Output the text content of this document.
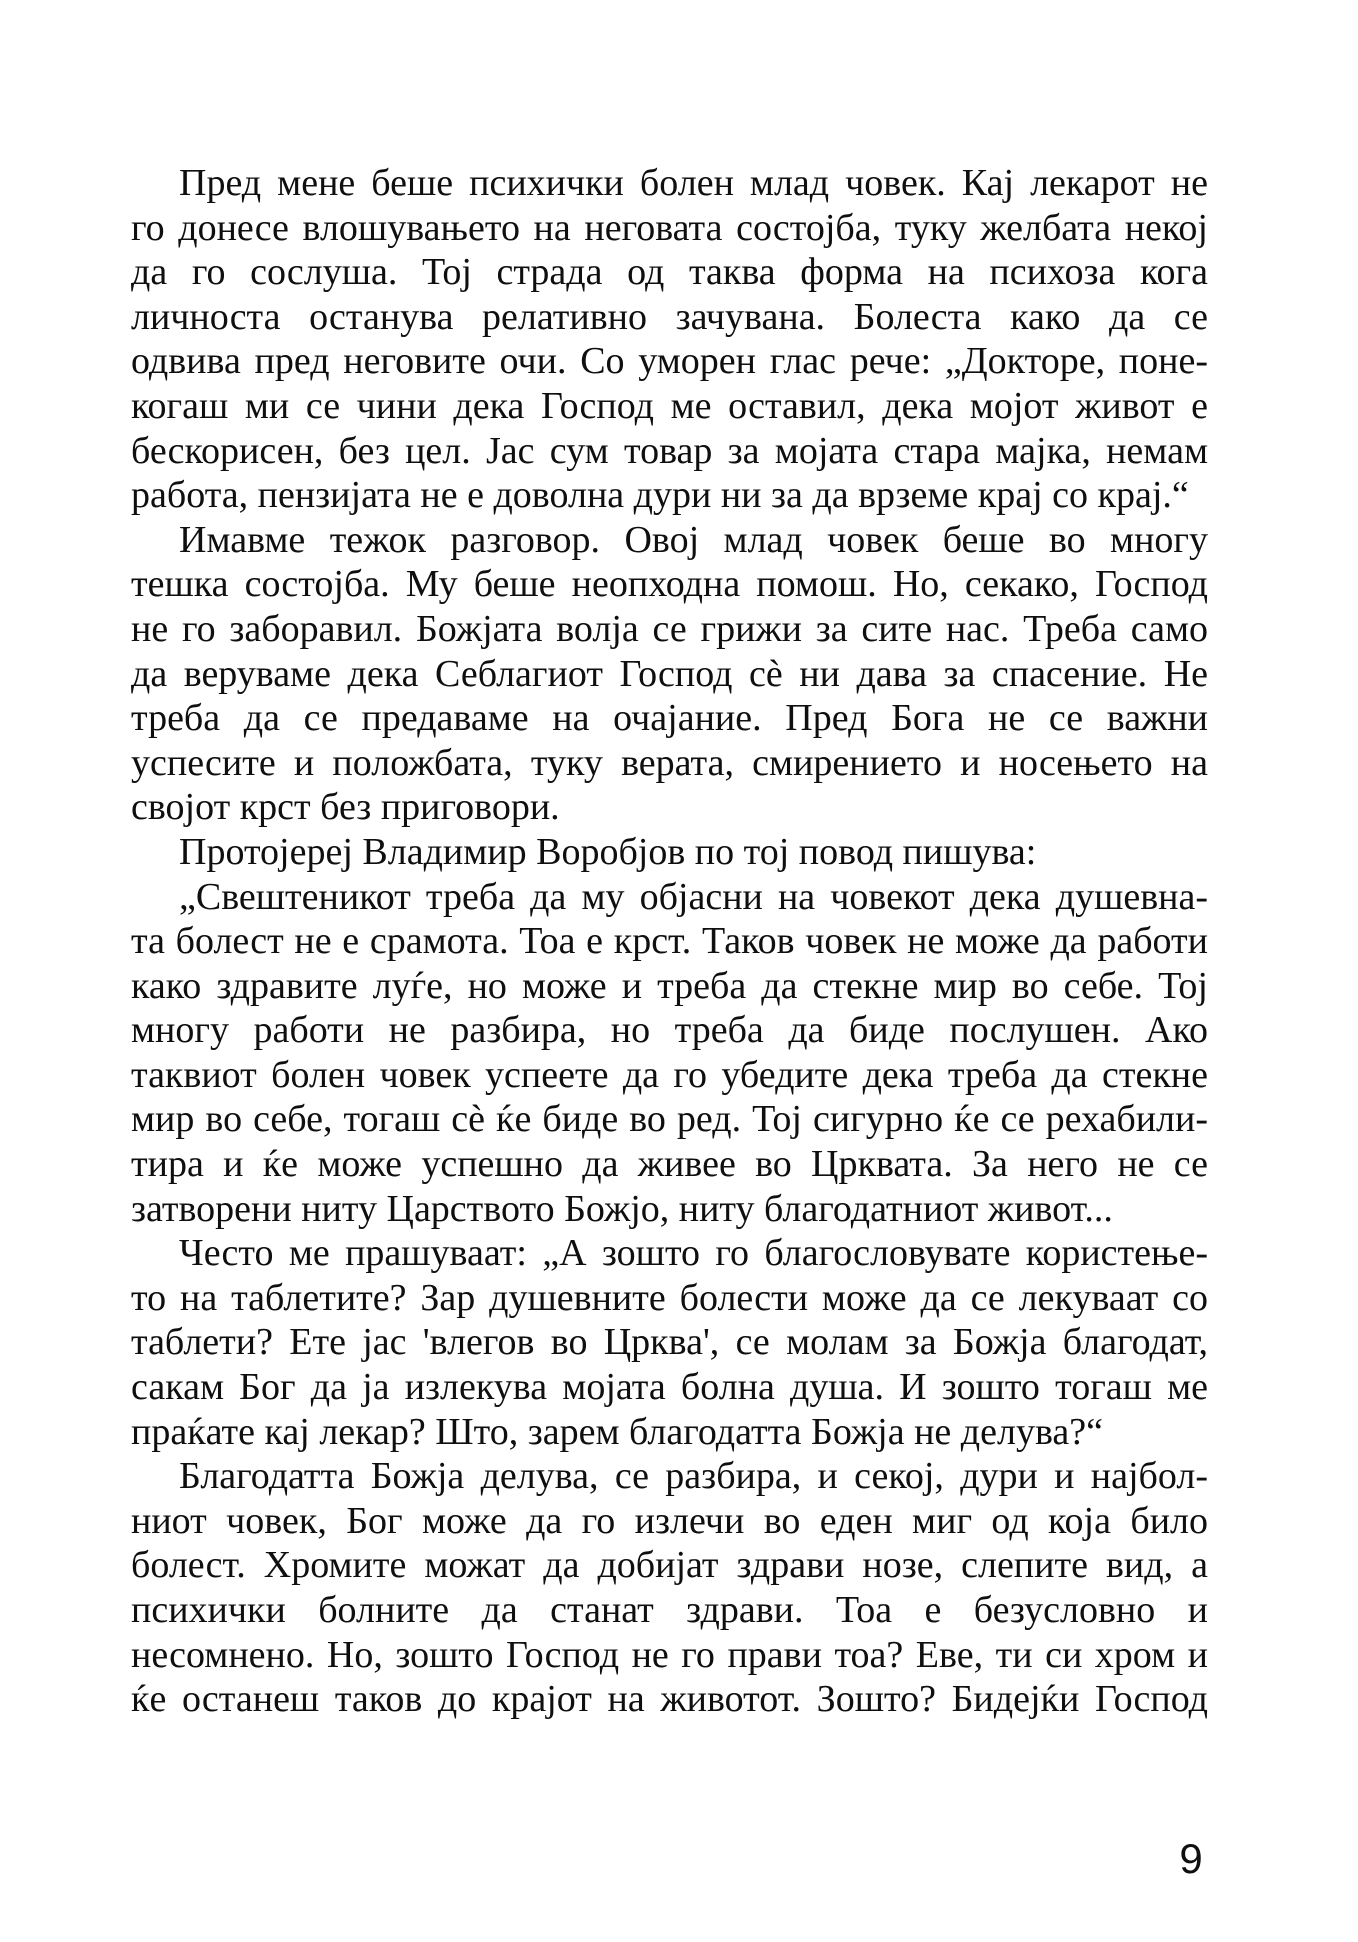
Пред мене беше психички болен млад човек. Кај лекарот не
го донесе влошувањето на неговата состојба, туку желбата некој
да го сослуша. Тој страда од таква форма на психоза кога
личноста останува релативно зачувана. Болеста како да се
одвива пред неговите очи. Со уморен глас рече: „Докторе, поне-
когаш ми се чини дека Господ ме оставил, дека мојот живот е
бескорисен, без цел. Јас сум товар за мојата стара мајка, немам
работа, пензијата не е доволна дури ни за да врземе крај со крај.“
Имавме тежок разговор. Овој млад човек беше во многу
тешка состојба. Му беше неопходна помош. Но, секако, Господ
не го заборавил. Божјата волја се грижи за сите нас. Треба само
да веруваме дека Себлагиот Господ сѐ ни дава за спасение. Не
треба да се предаваме на очајание. Пред Бога не се важни
успесите и положбата, туку верата, смирението и носењето на
својот крст без приговори.
Протојереј Владимир Воробјов по тој повод пишува:
„Свештеникот треба да му објасни на човекот дека душевна-
та болест не е срамота. Тоа е крст. Таков човек не може да работи
како здравите луѓе, но може и треба да стекне мир во себе. Тој
многу работи не разбира, но треба да биде послушен. Ако
таквиот болен човек успеете да го убедите дека треба да стекне
мир во себе, тогаш сѐ ќе биде во ред. Тој сигурно ќе се рехабили-
тира и ќе може успешно да живее во Црквата. За него не се
затворени ниту Царството Божјо, ниту благодатниот живот...
Често ме прашуваат: „А зошто го благословувате користење-
то на таблетите? Зар душевните болести може да се лекуваат со
таблети? Ете јас 'влегов во Црква', се молам за Божја благодат,
сакам Бог да ја излекува мојата болна душа. И зошто тогаш ме
праќате кај лекар? Што, зарем благодатта Божја не делува?“
Благодатта Божја делува, се разбира, и секој, дури и најбол-
ниот човек, Бог може да го излечи во еден миг од која било
болест. Хромите можат да добијат здрави нозе, слепите вид, а
психички болните да станат здрави. Тоа е безусловно и
несомнено. Но, зошто Господ не го прави тоа? Еве, ти си хром и
ќе останеш таков до крајот на животот. Зошто? Бидејќи Господ
9
